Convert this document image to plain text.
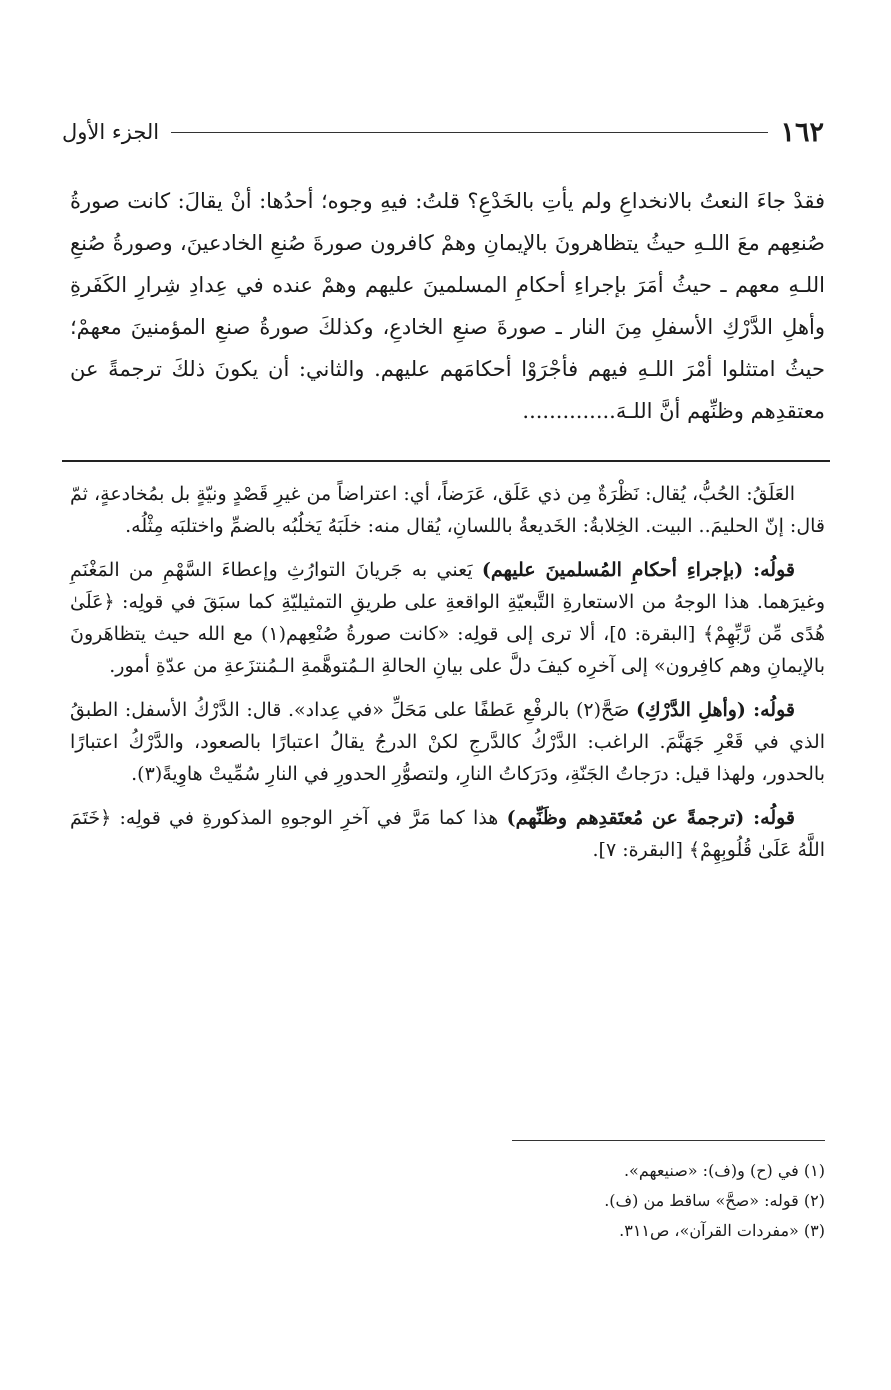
١٦٢
الجزء الأول

فقدْ جاءَ النعتُ بالانخداعِ ولم يأتِ بالخَدْعِ؟ قلتُ: فيهِ وجوه؛ أحدُها: أنْ يقالَ: كانت صورةُ صُنعِهم معَ اللـهِ حيثُ يتظاهرونَ بالإيمانِ وهمْ كافرون صورةَ صُنعِ الخادعينَ، وصورةُ صُنعِ اللـهِ معهم ـ حيثُ أمَرَ بإجراءِ أحكامِ المسلمينَ عليهم وهمْ عنده في عِدادِ شِرارِ الكَفَرةِ وأهلِ الدَّرْكِ الأسفلِ مِنَ النار ـ صورةَ صنعِ الخادعِ، وكذلكَ صورةُ صنعِ المؤمنينَ معهمْ؛ حيثُ امتثلوا أمْرَ اللـهِ فيهم فأجْرَوْا أحكامَهم عليهم. والثاني: أن يكونَ ذلكَ ترجمةً عن معتقدِهم وظنِّهم أنَّ اللـهَ..............

العَلَقُ: الحُبُّ، يُقال: نَظْرَةٌ مِن ذي عَلَق، عَرَضاً، أي: اعتراضاً من غيرِ قَصْدٍ ونيّةٍ بل بمُخادعةٍ، ثمّ قال: إنّ الحليمَ.. البيت. الخِلابةُ: الخَديعةُ باللسانِ، يُقال منه: خلَبَهُ يَخلُبُه بالضمِّ واختلبَه مِثْلُه.

قولُه: (بإجراءِ أحكامِ المُسلمينَ عليهم) يَعني به جَريانَ التوارُثِ وإعطاءَ السَّهْمِ من المَغْنَمِ وغيرَهما. هذا الوجهُ من الاستعارةِ التَّبعيّةِ الواقعةِ على طريقِ التمثيليّةِ كما سبَقَ في قولِه: ﴿عَلَىٰ هُدًى مِّن رَّبِّهِمْ﴾ [البقرة: ٥]، ألا ترى إلى قولِه: «كانت صورةُ صُنْعِهم(١) مع الله حيث يتظاهَرونَ بالإيمانِ وهم كافِرون» إلى آخرِه كيفَ دلَّ على بيانِ الحالةِ الـمُتوهَّمةِ الـمُنتزَعةِ من عدّةِ أمور.

قولُه: (وأهلِ الدَّرْكِ) صَحَّ(٢) بالرفْعِ عَطفًا على مَحَلِّ «في عِداد». قال: الدَّرْكُ الأسفل: الطبقُ الذي في قَعْرِ جَهَنَّمَ. الراغب: الدَّرْكُ كالدَّرجِ لكنْ الدرجُ يقالُ اعتبارًا بالصعود، والدَّرْكُ اعتبارًا بالحدور، ولهذا قيل: درَجاتُ الجَنّةِ، ودَرَكاتُ النارِ، ولتصوُّرِ الحدورِ في النارِ سُمِّيتْ هاوِيةً(٣).

قولُه: (ترجمةً عن مُعتَقدِهم وظَنِّهم) هذا كما مَرَّ في آخرِ الوجوهِ المذكورةِ في قولِه: ﴿خَتَمَ اللَّهُ عَلَىٰ قُلُوبِهِمْ﴾ [البقرة: ٧].

(١) في (ح) و(ف): «صنيعهم».
(٢) قوله: «صحَّ» ساقط من (ف).
(٣) «مفردات القرآن»، ص٣١١.
